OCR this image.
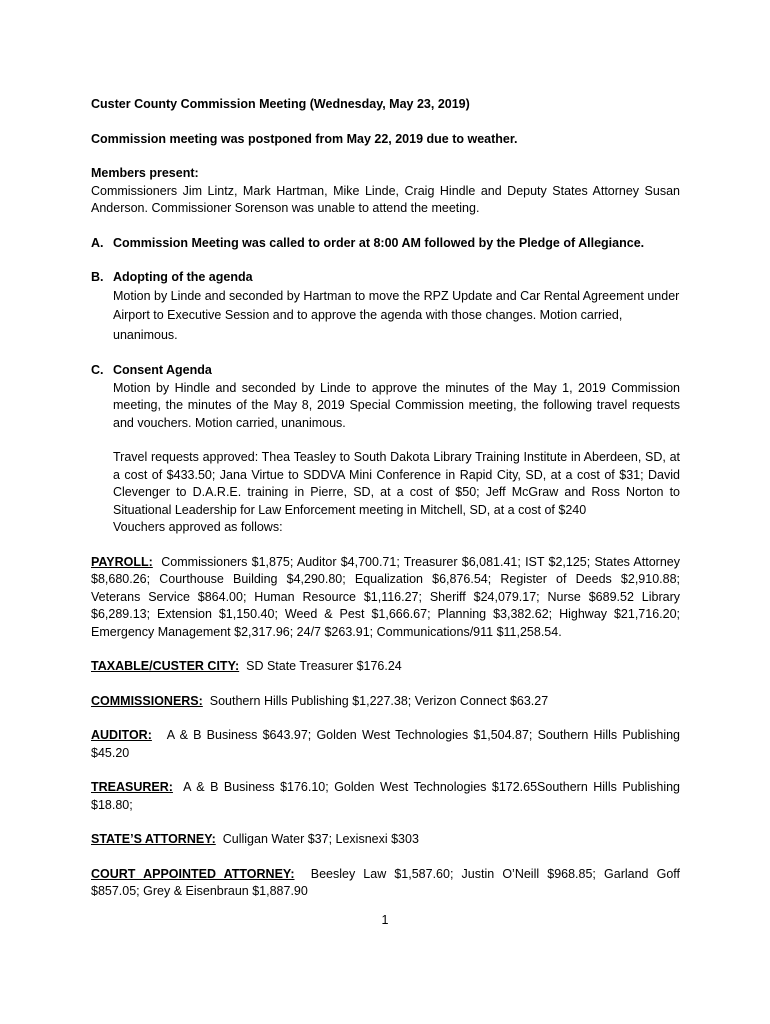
Custer County Commission Meeting (Wednesday, May 23, 2019)

Commission meeting was postponed from May 22, 2019 due to weather.

Members present:

Commissioners Jim Lintz, Mark Hartman, Mike Linde, Craig Hindle and Deputy States Attorney Susan Anderson. Commissioner Sorenson was unable to attend the meeting.

A. Commission Meeting was called to order at 8:00 AM followed by the Pledge of Allegiance.

B. Adopting of the agenda

Motion by Linde and seconded by Hartman to move the RPZ Update and Car Rental Agreement under Airport to Executive Session and to approve the agenda with those changes. Motion carried, unanimous.

C. Consent Agenda

Motion by Hindle and seconded by Linde to approve the minutes of the May 1, 2019 Commission meeting, the minutes of the May 8, 2019 Special Commission meeting, the following travel requests and vouchers. Motion carried, unanimous.

Travel requests approved: Thea Teasley to South Dakota Library Training Institute in Aberdeen, SD, at a cost of $433.50; Jana Virtue to SDDVA Mini Conference in Rapid City, SD, at a cost of $31; David Clevenger to D.A.R.E. training in Pierre, SD, at a cost of $50; Jeff McGraw and Ross Norton to Situational Leadership for Law Enforcement meeting in Mitchell, SD, at a cost of $240

Vouchers approved as follows:

PAYROLL:  Commissioners $1,875; Auditor $4,700.71; Treasurer $6,081.41; IST $2,125; States Attorney $8,680.26; Courthouse Building $4,290.80; Equalization $6,876.54; Register of Deeds $2,910.88; Veterans Service $864.00; Human Resource $1,116.27; Sheriff $24,079.17; Nurse $689.52 Library $6,289.13; Extension $1,150.40; Weed & Pest $1,666.67; Planning $3,382.62; Highway $21,716.20; Emergency Management $2,317.96; 24/7 $263.91; Communications/911 $11,258.54.

TAXABLE/CUSTER CITY:  SD State Treasurer $176.24

COMMISSIONERS:  Southern Hills Publishing $1,227.38; Verizon Connect $63.27

AUDITOR:   A & B Business $643.97; Golden West Technologies $1,504.87; Southern Hills Publishing $45.20

TREASURER:  A & B Business $176.10; Golden West Technologies $172.65Southern Hills Publishing $18.80;

STATE’S ATTORNEY:  Culligan Water $37; Lexisnexi $303

COURT APPOINTED ATTORNEY:  Beesley Law $1,587.60; Justin O’Neill $968.85; Garland Goff $857.05; Grey & Eisenbraun $1,887.90

1
